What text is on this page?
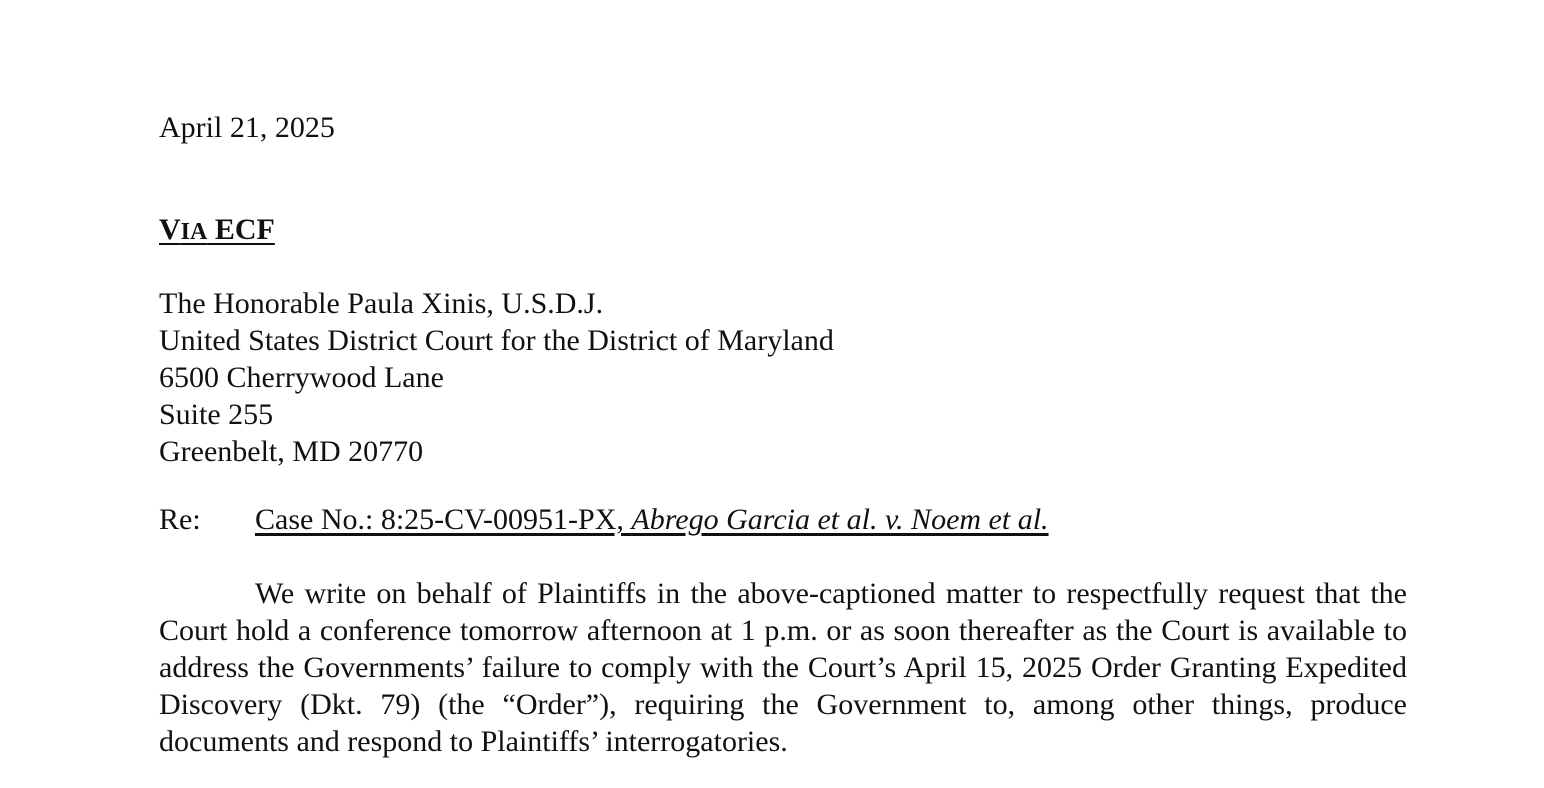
April 21, 2025

VIA ECF

The Honorable Paula Xinis, U.S.D.J.
United States District Court for the District of Maryland
6500 Cherrywood Lane
Suite 255
Greenbelt, MD 20770

Re: Case No.: 8:25-CV-00951-PX, Abrego Garcia et al. v. Noem et al.

We write on behalf of Plaintiffs in the above-captioned matter to respectfully request that the Court hold a conference tomorrow afternoon at 1 p.m. or as soon thereafter as the Court is available to address the Governments’ failure to comply with the Court’s April 15, 2025 Order Granting Expedited Discovery (Dkt. 79) (the “Order”), requiring the Government to, among other things, produce documents and respond to Plaintiffs’ interrogatories.
